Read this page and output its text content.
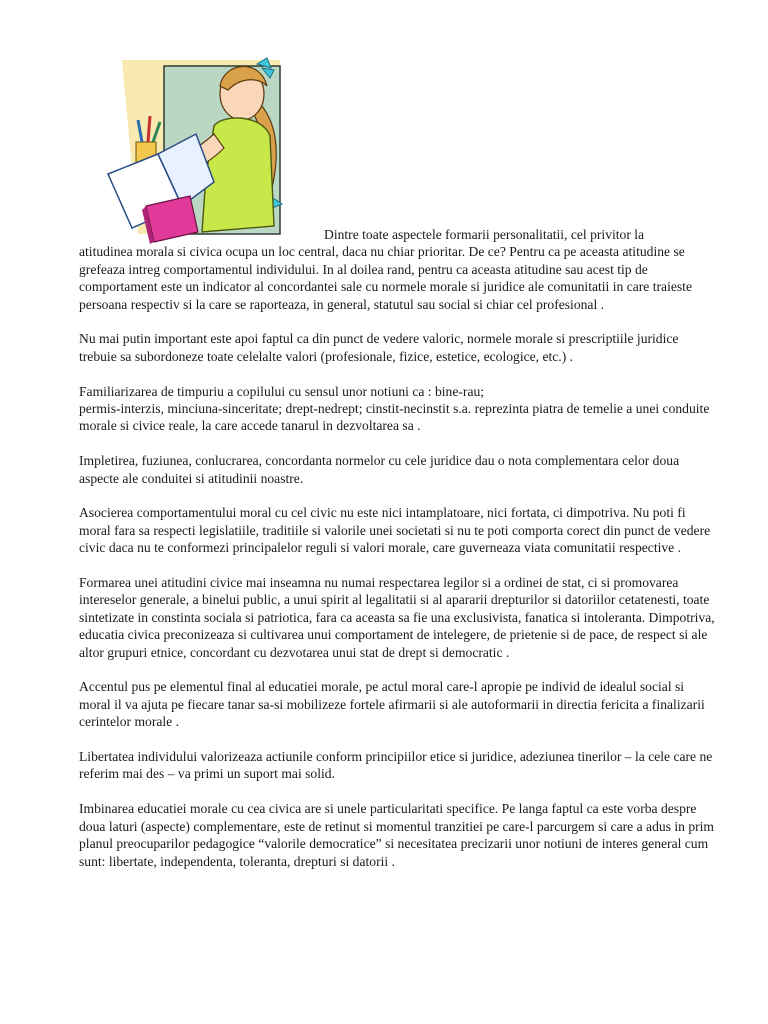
Dintre toate aspectele formarii personalitatii, cel privitor la

atitudinea morala si civica ocupa un loc central, daca nu chiar prioritar. De ce? Pentru ca pe aceasta atitudine se grefeaza intreg comportamentul individului. In al doilea rand, pentru ca aceasta atitudine sau acest tip de comportament este un indicator al concordantei sale cu normele morale si juridice ale comunitatii in care traieste persoana respectiv si la care se raporteaza, in general, statutul sau social si chiar cel profesional .

Nu mai putin important este apoi faptul ca din punct de vedere valoric, normele morale si prescriptiile juridice trebuie sa subordoneze toate celelalte valori (profesionale, fizice, estetice, ecologice, etc.) .

Familiarizarea de timpuriu a copilului cu sensul unor notiuni ca : bine-rau;
permis-interzis, minciuna-sinceritate; drept-nedrept; cinstit-necinstit s.a. reprezinta piatra de temelie a unei conduite morale si civice reale, la care accede tanarul in dezvoltarea sa .

Impletirea, fuziunea, conlucrarea, concordanta normelor cu cele juridice dau o nota complementara celor doua aspecte ale conduitei si atitudinii noastre.

Asocierea comportamentului moral cu cel civic nu este nici intamplatoare, nici fortata, ci dimpotriva. Nu poti fi moral fara sa respecti legislatiile, traditiile si valorile unei societati si nu te poti comporta corect din punct de vedere civic daca nu te conformezi principalelor reguli si valori morale, care guverneaza viata comunitatii respective .

Formarea unei atitudini civice mai inseamna nu numai respectarea legilor si a ordinei de stat, ci si promovarea intereselor generale, a binelui public, a unui spirit al legalitatii si al apararii drepturilor si datoriilor cetatenesti, toate sintetizate in constinta sociala si patriotica, fara ca aceasta sa fie una exclusivista, fanatica si intoleranta. Dimpotriva, educatia civica preconizeaza si cultivarea unui comportament de intelegere, de prietenie si de pace, de respect si ale altor grupuri etnice, concordant cu dezvotarea unui stat de drept si democratic .

Accentul pus pe elementul final al educatiei morale, pe actul moral care-l apropie pe individ de idealul social si moral il va ajuta pe fiecare tanar sa-si mobilizeze fortele afirmarii si ale autoformarii in directia fericita a finalizarii cerintelor morale .

Libertatea individului valorizeaza actiunile conform principiilor etice si juridice, adeziunea tinerilor – la cele care ne referim mai des – va primi un suport mai solid.

Imbinarea educatiei morale cu cea civica are si unele particularitati specifice. Pe langa faptul ca este vorba despre doua laturi (aspecte) complementare, este de retinut si momentul tranzitiei pe care-l parcurgem si care a adus in prim planul preocuparilor pedagogice “valorile democratice” si necesitatea precizarii unor notiuni de interes general cum sunt: libertate, independenta, toleranta, drepturi si datorii .
